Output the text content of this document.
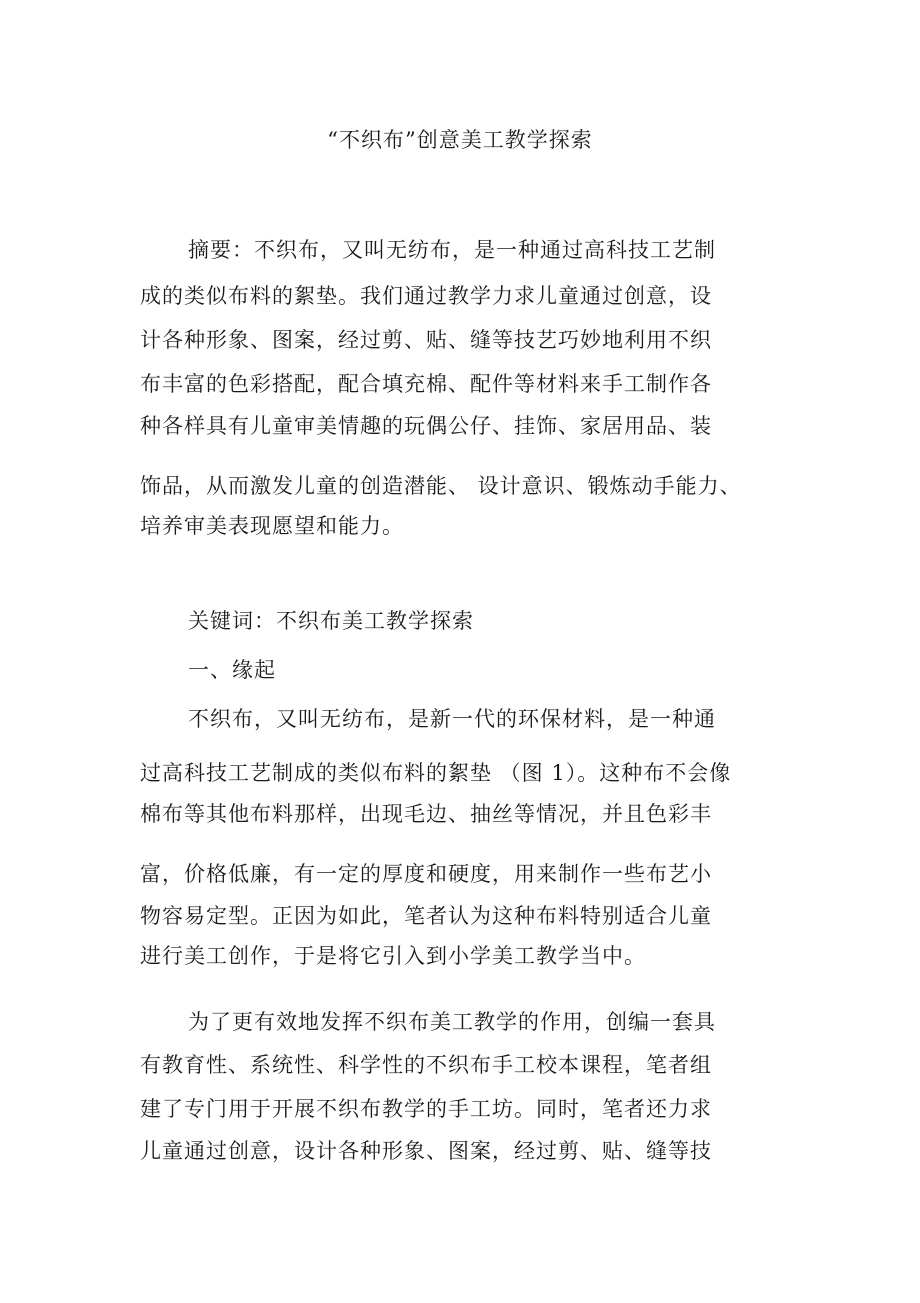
“不织布”创意美工教学探索
摘要：不织布，又叫无纺布，是一种通过高科技工艺制
成的类似布料的絮垫。我们通过教学力求儿童通过创意，设
计各种形象、图案，经过剪、贴、缝等技艺巧妙地利用不织
布丰富的色彩搭配，配合填充棉、配件等材料来手工制作各
种各样具有儿童审美情趣的玩偶公仔、挂饰、家居用品、装
饰品，从而激发儿童的创造潜能、 设计意识、锻炼动手能力、
培养审美表现愿望和能力。
关键词：不织布美工教学探索
一、缘起
不织布，又叫无纺布，是新一代的环保材料，是一种通
过高科技工艺制成的类似布料的絮垫 （图 1）。这种布不会像
棉布等其他布料那样，出现毛边、抽丝等情况，并且色彩丰
富，价格低廉，有一定的厚度和硬度，用来制作一些布艺小
物容易定型。正因为如此，笔者认为这种布料特别适合儿童
进行美工创作，于是将它引入到小学美工教学当中。
为了更有效地发挥不织布美工教学的作用，创编一套具
有教育性、系统性、科学性的不织布手工校本课程，笔者组
建了专门用于开展不织布教学的手工坊。同时，笔者还力求
儿童通过创意，设计各种形象、图案，经过剪、贴、缝等技
